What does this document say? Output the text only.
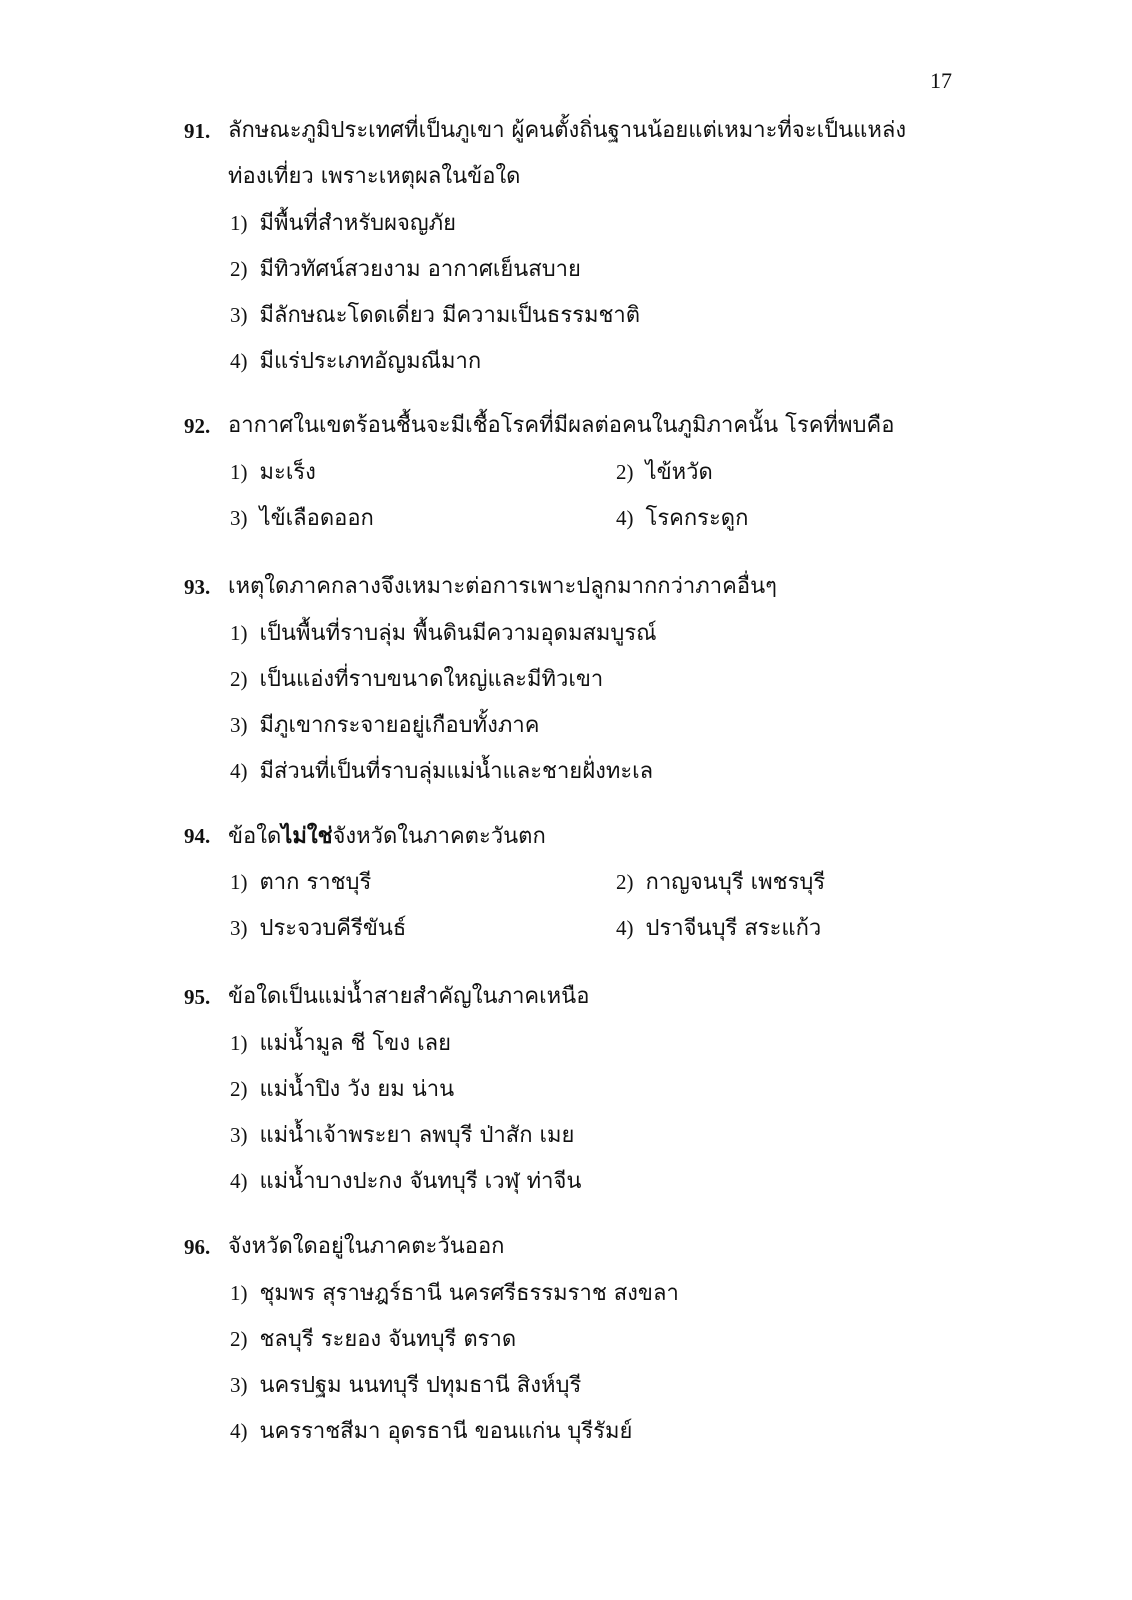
17
91. ลักษณะภูมิประเทศที่เป็นภูเขา ผู้คนตั้งถิ่นฐานน้อยแต่เหมาะที่จะเป็นแหล่ง
ท่องเที่ยว เพราะเหตุผลในข้อใด
1) มีพื้นที่สำหรับผจญภัย
2) มีทิวทัศน์สวยงาม อากาศเย็นสบาย
3) มีลักษณะโดดเดี่ยว มีความเป็นธรรมชาติ
4) มีแร่ประเภทอัญมณีมาก
92. อากาศในเขตร้อนชื้นจะมีเชื้อโรคที่มีผลต่อคนในภูมิภาคนั้น โรคที่พบคือ
1) มะเร็ง	2) ไข้หวัด
3) ไข้เลือดออก	4) โรคกระดูก
93. เหตุใดภาคกลางจึงเหมาะต่อการเพาะปลูกมากกว่าภาคอื่นๆ
1) เป็นพื้นที่ราบลุ่ม พื้นดินมีความอุดมสมบูรณ์
2) เป็นแอ่งที่ราบขนาดใหญ่และมีทิวเขา
3) มีภูเขากระจายอยู่เกือบทั้งภาค
4) มีส่วนที่เป็นที่ราบลุ่มแม่น้ำและชายฝั่งทะเล
94. ข้อใดไม่ใช่จังหวัดในภาคตะวันตก
1) ตาก ราชบุรี	2) กาญจนบุรี เพชรบุรี
3) ประจวบคีรีขันธ์	4) ปราจีนบุรี สระแก้ว
95. ข้อใดเป็นแม่น้ำสายสำคัญในภาคเหนือ
1) แม่น้ำมูล ชี โขง เลย
2) แม่น้ำปิง วัง ยม น่าน
3) แม่น้ำเจ้าพระยา ลพบุรี ป่าสัก เมย
4) แม่น้ำบางปะกง จันทบุรี เวฬุ ท่าจีน
96. จังหวัดใดอยู่ในภาคตะวันออก
1) ชุมพร สุราษฎร์ธานี นครศรีธรรมราช สงขลา
2) ชลบุรี ระยอง จันทบุรี ตราด
3) นครปฐม นนทบุรี ปทุมธานี สิงห์บุรี
4) นครราชสีมา อุดรธานี ขอนแก่น บุรีรัมย์
